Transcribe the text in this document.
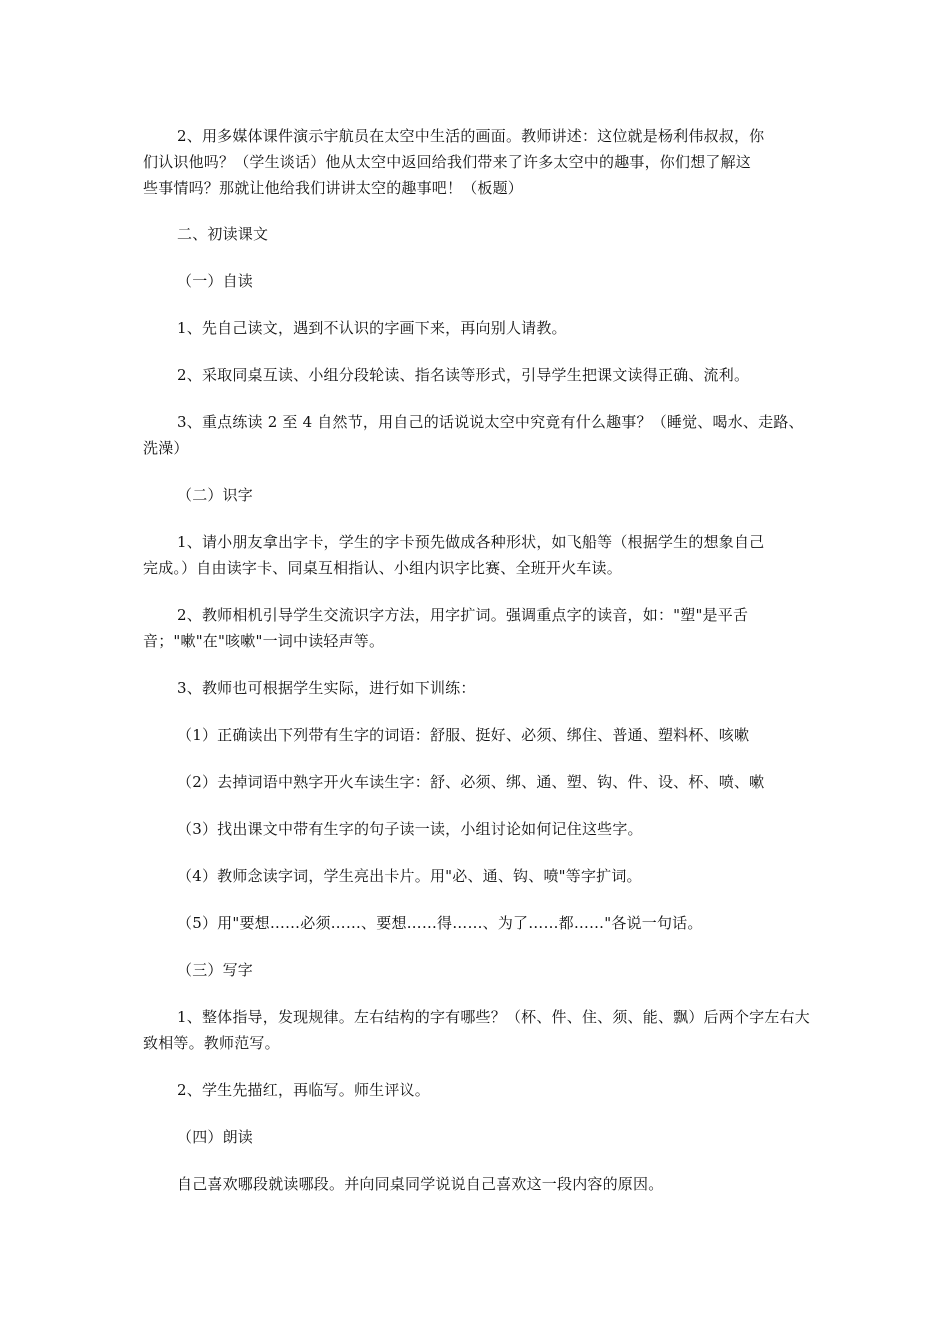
2、用多媒体课件演示宇航员在太空中生活的画面。教师讲述：这位就是杨利伟叔叔，你
们认识他吗？（学生谈话）他从太空中返回给我们带来了许多太空中的趣事，你们想了解这
些事情吗？那就让他给我们讲讲太空的趣事吧！（板题）
二、初读课文
（一）自读
1、先自己读文，遇到不认识的字画下来，再向别人请教。
2、采取同桌互读、小组分段轮读、指名读等形式，引导学生把课文读得正确、流利。
3、重点练读 2 至 4 自然节，用自己的话说说太空中究竟有什么趣事？（睡觉、喝水、走路、
洗澡）
（二）识字
1、请小朋友拿出字卡，学生的字卡预先做成各种形状，如飞船等（根据学生的想象自己
完成。）自由读字卡、同桌互相指认、小组内识字比赛、全班开火车读。
2、教师相机引导学生交流识字方法，用字扩词。强调重点字的读音，如："塑"是平舌
音；"嗽"在"咳嗽"一词中读轻声等。
3、教师也可根据学生实际，进行如下训练：
（1）正确读出下列带有生字的词语：舒服、挺好、必须、绑住、普通、塑料杯、咳嗽
（2）去掉词语中熟字开火车读生字：舒、必须、绑、通、塑、钩、件、设、杯、喷、嗽
（3）找出课文中带有生字的句子读一读，小组讨论如何记住这些字。
（4）教师念读字词，学生亮出卡片。用"必、通、钩、喷"等字扩词。
（5）用"要想……必须……、要想……得……、为了……都……"各说一句话。
（三）写字
1、整体指导，发现规律。左右结构的字有哪些？（杯、件、住、须、能、飘）后两个字左右大
致相等。教师范写。
2、学生先描红，再临写。师生评议。
（四）朗读
自己喜欢哪段就读哪段。并向同桌同学说说自己喜欢这一段内容的原因。
